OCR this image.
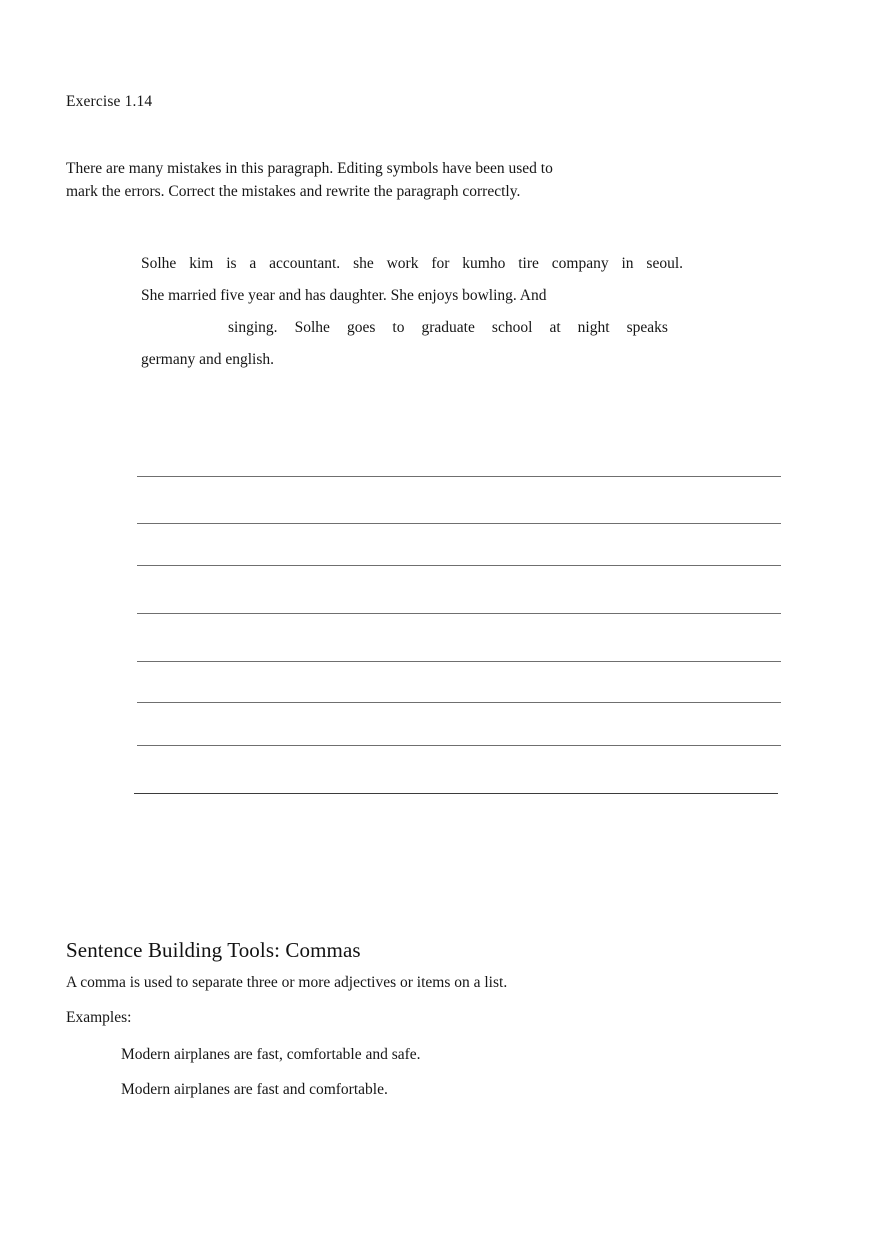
Exercise 1.14
There are many mistakes in this paragraph. Editing symbols have been used to
mark the errors. Correct the mistakes and rewrite the paragraph correctly.
Solhe kim is a accountant. she work for kumho tire company in seoul.
She married five year and has daughter. She enjoys bowling. And
singing. Solhe goes to graduate school at night speaks
germany and english.
Sentence Building Tools: Commas
A comma is used to separate three or more adjectives or items on a list.
Examples:
Modern airplanes are fast, comfortable and safe.
Modern airplanes are fast and comfortable.
